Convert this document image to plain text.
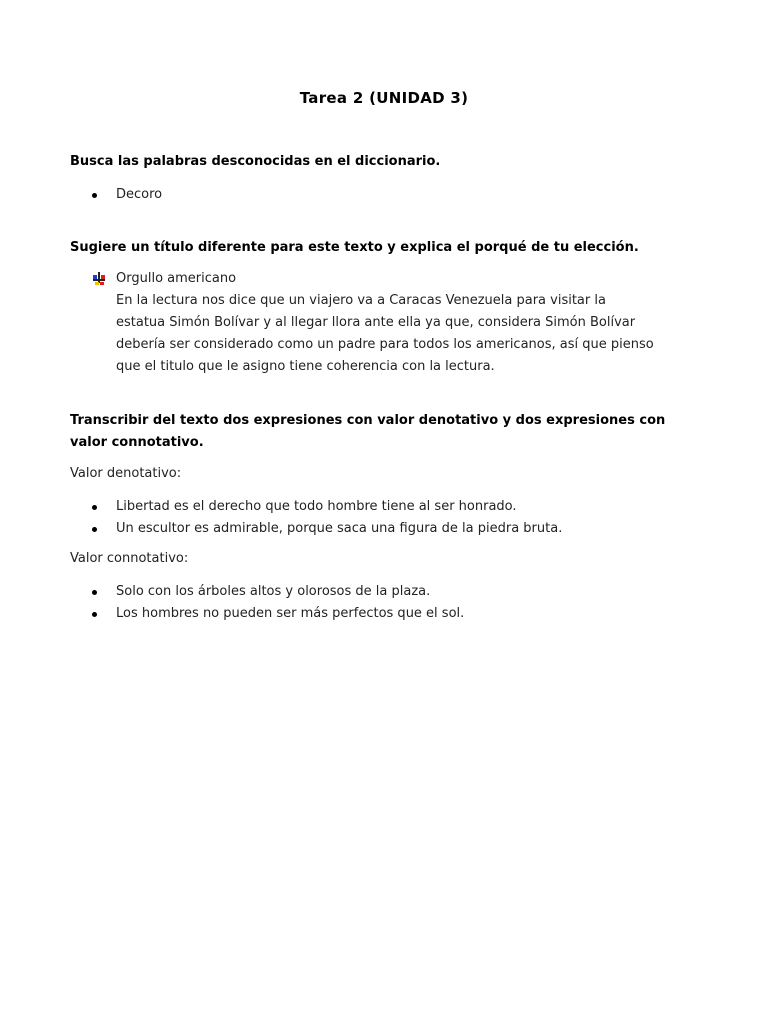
Tarea 2 (UNIDAD 3)
Busca las palabras desconocidas en el diccionario.
Decoro
Sugiere un título diferente para este texto y explica el porqué de tu elección.
Orgullo americano
En la lectura nos dice que un viajero va a Caracas Venezuela para visitar la
estatua Simón Bolívar y al llegar llora ante ella ya que, considera Simón Bolívar
debería ser considerado como un padre para todos los americanos, así que pienso
que el titulo que le asigno tiene coherencia con la lectura.
Transcribir del texto dos expresiones con valor denotativo y dos expresiones con
valor connotativo.
Valor denotativo:
Libertad es el derecho que todo hombre tiene al ser honrado.
Un escultor es admirable, porque saca una figura de la piedra bruta.
Valor connotativo:
Solo con los árboles altos y olorosos de la plaza.
Los hombres no pueden ser más perfectos que el sol.
